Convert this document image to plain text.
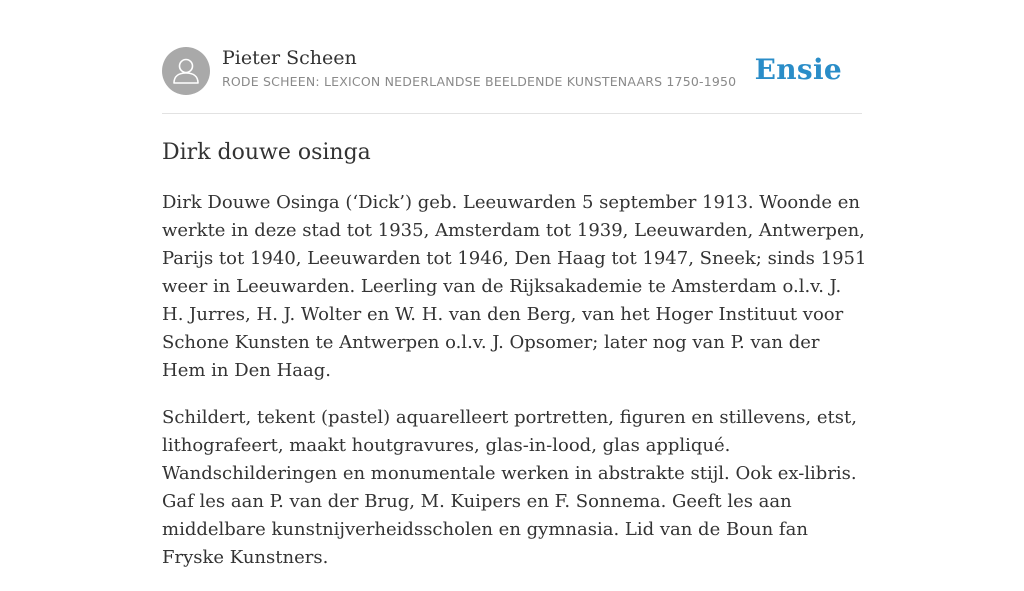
Pieter Scheen
RODE SCHEEN: LEXICON NEDERLANDSE BEELDENDE KUNSTENAARS 1750-1950 Ensie
Dirk douwe osinga

Dirk Douwe Osinga (‘Dick’) geb. Leeuwarden 5 september 1913. Woonde en werkte in deze stad tot 1935, Amsterdam tot 1939, Leeuwarden, Antwerpen, Parijs tot 1940, Leeuwarden tot 1946, Den Haag tot 1947, Sneek; sinds 1951 weer in Leeuwarden. Leerling van de Rijksakademie te Amsterdam o.l.v. J. H. Jurres, H. J. Wolter en W. H. van den Berg, van het Hoger Instituut voor Schone Kunsten te Antwerpen o.l.v. J. Opsomer; later nog van P. van der Hem in Den Haag.

Schildert, tekent (pastel) aquarelleert portretten, figuren en stillevens, etst, lithografeert, maakt houtgravures, glas-in-lood, glas appliqué. Wandschilderingen en monumentale werken in abstrakte stijl. Ook ex-libris. Gaf les aan P. van der Brug, M. Kuipers en F. Sonnema. Geeft les aan middelbare kunstnijverheidsscholen en gymnasia. Lid van de Boun fan Fryske Kunstners.
